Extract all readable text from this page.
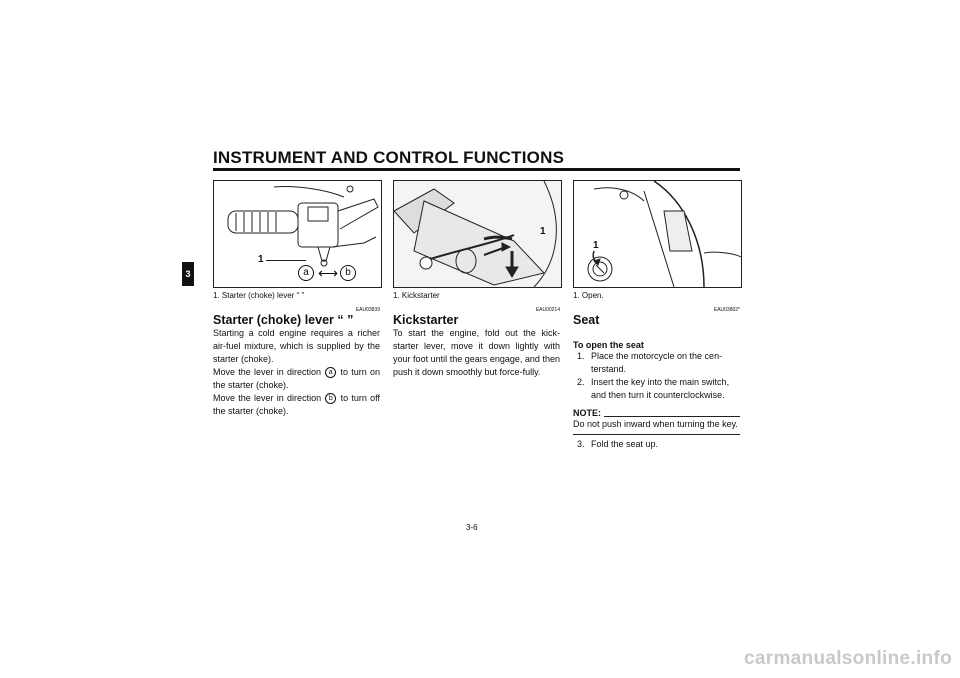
INSTRUMENT AND CONTROL FUNCTIONS
3
1
a ⟷ b
1. Starter (choke) lever “ ”
EAU03839
Starter (choke) lever “ ”

Starting a cold engine requires a richer air-fuel mixture, which is supplied by the starter (choke).

Move the lever in direction a to turn on the starter (choke).

Move the lever in direction b to turn off the starter (choke).

1
1. Kickstarter
EAU00214
Kickstarter

To start the engine, fold out the kick-starter lever, move it down lightly with your foot until the gears engage, and then push it down smoothly but force-fully.

1
1. Open.
EAU03802*
Seat
To open the seat
1. Place the motorcycle on the cen-terstand.
2. Insert the key into the main switch, and then turn it counterclockwise.
NOTE:
Do not push inward when turning the key.
3. Fold the seat up.
3-6
carmanualsonline.info
